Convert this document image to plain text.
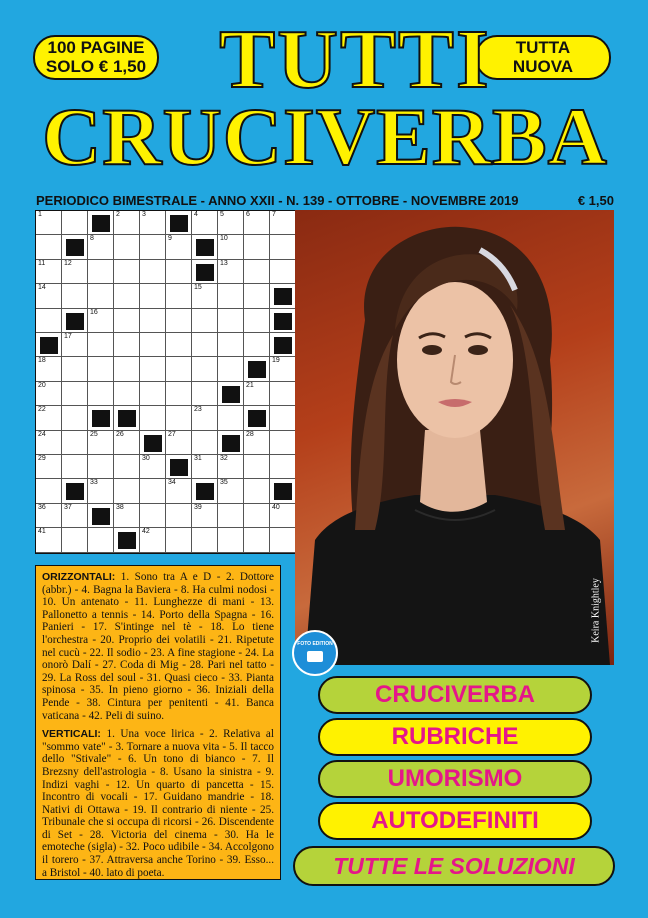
100 PAGINE
SOLO € 1,50
TUTTA
NUOVA
TUTTI
CRUCIVERBA
PERIODICO BIMESTRALE - ANNO XXII - N. 139 - OTTOBRE - NOVEMBRE 2019	€ 1,50
1	2	3	4	5	6	7
8	9	10
11	12	13
14	15
16
17
18	19
20	21
22	23
24	25	26	27	28
29	30	31	32
33	34	35
36	37	38	39	40
41	42
Keira Knightley
FOTO EDITION

ORIZZONTALI: 1. Sono tra A e D - 2. Dottore (abbr.) - 4. Bagna la Baviera - 8. Ha culmi nodosi - 10. Un antenato - 11. Lunghezze di mani - 13. Pallonetto a tennis - 14. Porto della Spagna - 16. Panieri - 17. S'intinge nel tè - 18. Lo tiene l'orchestra - 20. Proprio dei volatili - 21. Ripetute nel cucù - 22. Il sodio - 23. A fine stagione - 24. La onorò Dalí - 27. Coda di Mig - 28. Pari nel tatto - 29. La Ross del soul - 31. Quasi cieco - 33. Pianta spinosa - 35. In pieno giorno - 36. Iniziali della Pende - 38. Cintura per penitenti - 41. Banca vaticana - 42. Peli di suino.

VERTICALI: 1. Una voce lirica - 2. Relativa al "sommo vate" - 3. Tornare a nuova vita - 5. Il tacco dello "Stivale" - 6. Un tono di bianco - 7. Il Brezsny dell'astrologia - 8. Usano la sinistra - 9. Indizi vaghi - 12. Un quarto di pancetta - 15. Incontro di vocali - 17. Guidano mandrie - 18. Nativi di Ottawa - 19. Il contrario di niente - 25. Tribunale che si occupa di ricorsi - 26. Discendente di Set - 28. Victoria del cinema - 30. Ha le emoteche (sigla) - 32. Poco udibile - 34. Accolgono il torero - 37. Attraversa anche Torino - 39. Esso... a Bristol - 40. lato di poeta.

CRUCIVERBA
RUBRICHE
UMORISMO
AUTODEFINITI
TUTTE LE SOLUZIONI
